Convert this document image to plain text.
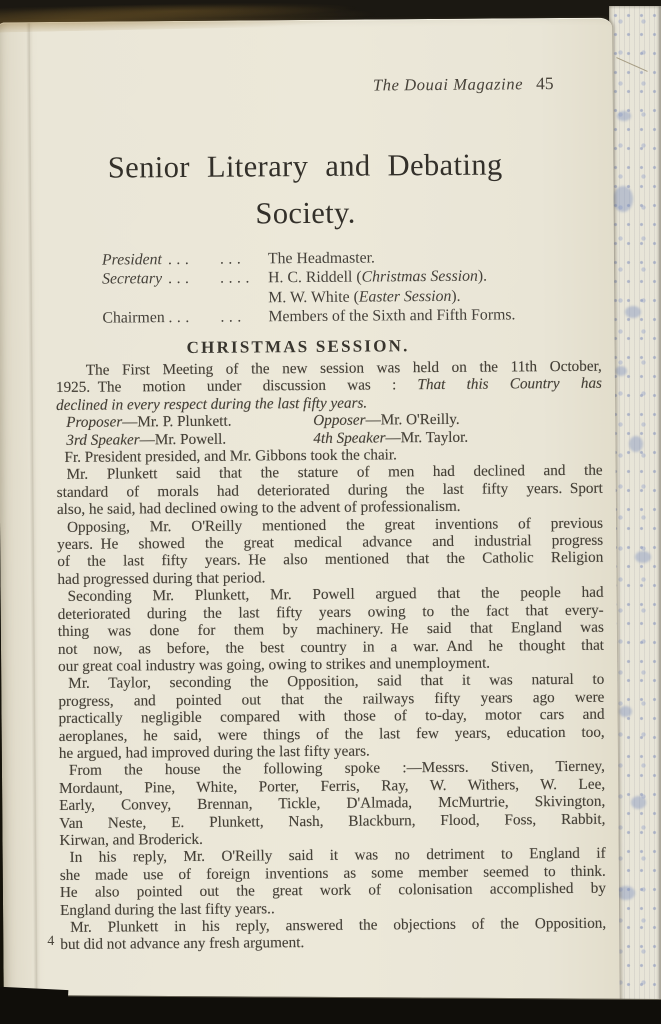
The Douai Magazine 45
Senior Literary and Debating
Society.
President ...	...	The Headmaster.
Secretary ...	.... H. C. Riddell (Christmas Session).
M. W. White (Easter Session).
Chairmen ...	...	Members of the Sixth and Fifth Forms.
CHRISTMAS SESSION.
The First Meeting of the new session was held on the 11th October,
1925. The motion under discussion was : That this Country has
declined in every respect during the last fifty years.
Proposer—Mr. P. Plunkett.	Opposer—Mr. O'Reilly.
3rd Speaker—Mr. Powell.	4th Speaker—Mr. Taylor.
Fr. President presided, and Mr. Gibbons took the chair.
Mr. Plunkett said that the stature of men had declined and the
standard of morals had deteriorated during the last fifty years. Sport
also, he said, had declined owing to the advent of professionalism.
Opposing, Mr. O'Reilly mentioned the great inventions of previous
years. He showed the great medical advance and industrial progress
of the last fifty years. He also mentioned that the Catholic Religion
had progressed during that period.
Seconding Mr. Plunkett, Mr. Powell argued that the people had
deteriorated during the last fifty years owing to the fact that every-
thing was done for them by machinery. He said that England was
not now, as before, the best country in a war. And he thought that
our great coal industry was going, owing to strikes and unemployment.
Mr. Taylor, seconding the Opposition, said that it was natural to
progress, and pointed out that the railways fifty years ago were
practically negligible compared with those of to-day, motor cars and
aeroplanes, he said, were things of the last few years, education too,
he argued, had improved during the last fifty years.
From the house the following spoke :—Messrs. Stiven, Tierney,
Mordaunt, Pine, White, Porter, Ferris, Ray, W. Withers, W. Lee,
Early, Convey, Brennan, Tickle, D'Almada, McMurtrie, Skivington,
Van Neste, E. Plunkett, Nash, Blackburn, Flood, Foss, Rabbit,
Kirwan, and Broderick.
In his reply, Mr. O'Reilly said it was no detriment to England if
she made use of foreign inventions as some member seemed to think.
He also pointed out the great work of colonisation accomplished by
England during the last fifty years..
Mr. Plunkett in his reply, answered the objections of the Opposition,
but did not advance any fresh argument.
4
